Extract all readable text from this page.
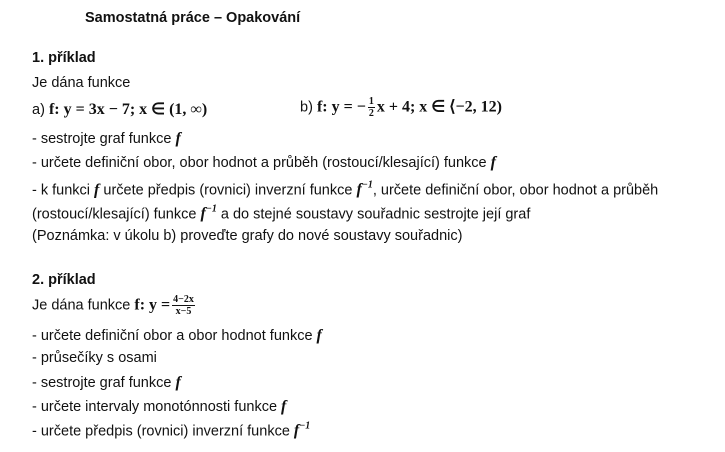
Samostatná práce – Opakování
1. příklad
Je dána funkce
a) f: y = 3x − 7; x ∈ (1, ∞)	b) f: y = − $\frac{1}{2}$ x + 4; x ∈ ⟨−2, 12)
- sestrojte graf funkce f
- určete definiční obor, obor hodnot a průběh (rostoucí/klesající) funkce f
- k funkci f určete předpis (rovnici) inverzní funkce $f^{-1}$, určete definiční obor, obor hodnot a průběh
(rostoucí/klesající) funkce $f^{-1}$ a do stejné soustavy souřadnic sestrojte její graf
(Poznámka: v úkolu b) proveďte grafy do nové soustavy souřadnic)
2. příklad
Je dána funkce f: $y = \frac{4-2x}{x-5}$
- určete definiční obor a obor hodnot funkce f
- průsečíky s osami
- sestrojte graf funkce f
- určete intervaly monotónnosti funkce f
- určete předpis (rovnici) inverzní funkce $f^{-1}$
